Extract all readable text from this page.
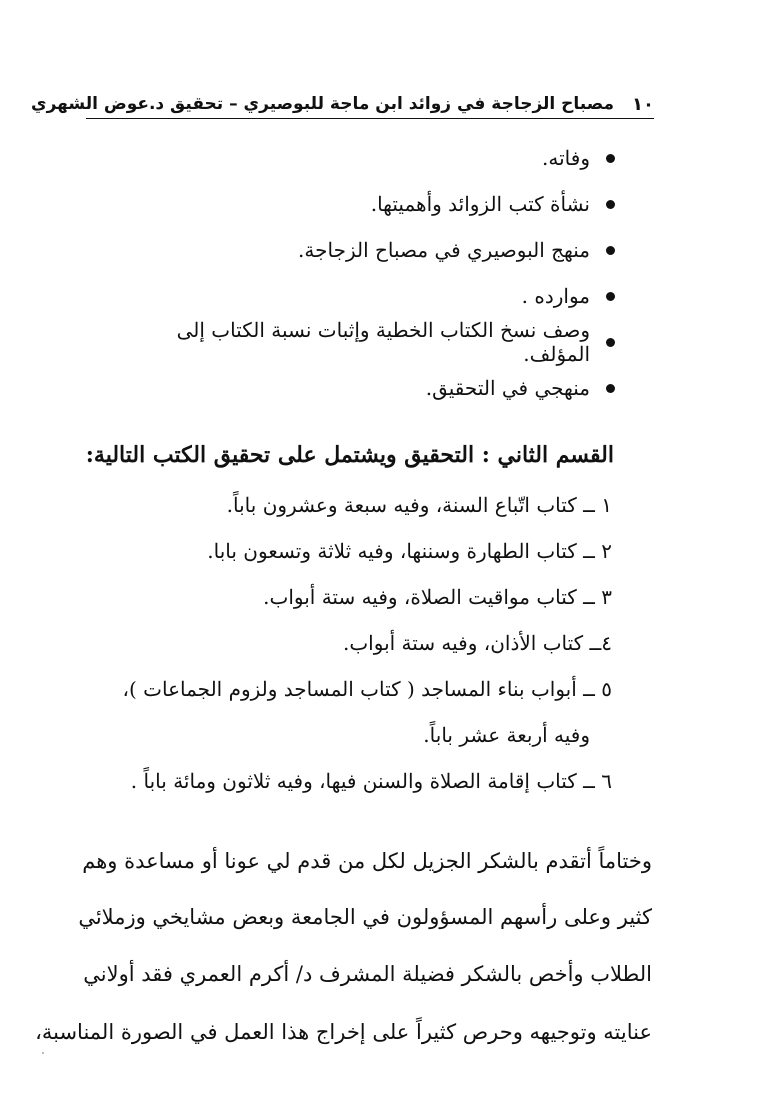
١٠
مصباح الزجاجة في زوائد ابن ماجة للبوصيري – تحقيق د.عوض الشهري
وفاته.
نشأة كتب الزوائد وأهميتها.
منهج البوصيري في مصباح الزجاجة.
موارده .
وصف نسخ الكتاب الخطية وإثبات نسبة الكتاب إلى المؤلف.
منهجي في التحقيق.
القسم الثاني : التحقيق ويشتمل على تحقيق الكتب التالية:
١ ــ كتاب اتّباع السنة، وفيه سبعة وعشرون باباً.
٢ ــ كتاب الطهارة وسننها، وفيه ثلاثة وتسعون بابا.
٣ ــ كتاب مواقيت الصلاة، وفيه ستة أبواب.
٤ــ كتاب الأذان، وفيه ستة أبواب.
٥ ــ أبواب بناء المساجد ( كتاب المساجد ولزوم الجماعات )،
وفيه أربعة عشر باباً.
٦ ــ كتاب إقامة الصلاة والسنن فيها، وفيه ثلاثون ومائة باباً .
وختاماً أتقدم بالشكر الجزيل لكل من قدم لي عونا أو مساعدة وهم
كثير وعلى رأسهم المسؤولون في الجامعة وبعض مشايخي وزملائي
الطلاب وأخص بالشكر فضيلة المشرف د/ أكرم العمري فقد أولاني
عنايته وتوجيهه وحرص كثيراً على إخراج هذا العمل في الصورة المناسبة،
